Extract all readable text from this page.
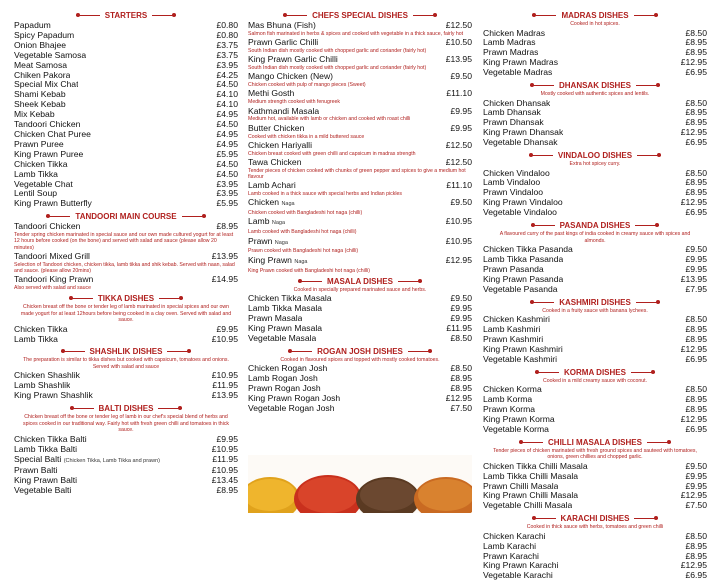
STARTERS
Papadum	£0.80
Spicy Papadum	£0.80
Onion Bhajee	£3.75
Vegetable Samosa	£3.75
Meat Samosa	£3.95
Chiken Pakora	£4.25
Special Mix Chat	£4.50
Shami Kebab	£4.10
Sheek Kebab	£4.10
Mix Kebab	£4.95
Tandoori Chicken	£4.50
Chicken Chat Puree	£4.95
Prawn Puree	£4.95
King Prawn Puree	£5.95
Chicken Tikka	£4.50
Lamb Tikka	£4.50
Vegetable Chat	£3.95
Lentil Soup	£3.95
King Prawn Butterfly	£5.95
TANDOORI MAIN COURSE
Tandoori Chicken	£8.95
Tender spring chicken marinated in special sauce and our own made cultured yogurt for at least 12 hours before cooked (on the bone) and served with salad and sauce (please allow 20 minutes)
Tandoori Mixed Grill	£13.95
Selection of Tandoori chicken, chicken tikka, lamb tikka and shik kebab. Served with naan, salad and sauce. (please allow 20mins)
Tandoori King Prawn	£14.95
Also served with salad and sauce
TIKKA DISHES
Chicken breast off the bone or tender leg of lamb marinated in special spices and our own made yogurt for at least 12hours before being cooked in a clay oven. Served with salad and sauce.
Chicken Tikka	£9.95
Lamb Tikka	£10.95
SHASHLIK DISHES
The preparation is similar to tikka dishes but cooked with capsicum, tomatoes and onions. Served with salad and sauce
Chicken Shashlik	£10.95
Lamb Shashlik	£11.95
King Prawn Shashlik	£13.95
BALTI DISHES
Chicken breast off the bone or tender leg of lamb in our chef's special blend of herbs and spices cooked in our traditional way. Fairly hot with fresh green chilli and tomatoes in thick sauce.
Chicken Tikka Balti	£9.95
Lamb Tikka Balti	£10.95
Special Balti (Chicken Tikka, Lamb Tikka and prawn)	£11.95
Prawn Balti	£10.95
King Prawn Balti	£13.45
Vegetable Balti	£8.95
CHEFS SPECIAL DISHES
Mas Bhuna (Fish)	£12.50
Salmon fish marinated in herbs & spices and cooked with vegetable in a thick sauce, fairly hot
Prawn Garlic Chilli	£10.50
South Indian dish mostly cooked with chopped garlic and coriander (fairly hot)
King Prawn Garlic Chilli	£13.95
South Indian dish mostly cooked with chopped garlic and coriander (fairly hot)
Mango Chicken (New)	£9.50
Chicken cooked with pulp of mango pieces (Sweet)
Methi Gosth	£11.10
Medium strength cooked with fenugreek
Kathmandi Masala	£9.95
Medium hot, available with lamb or chicken and cooked with roast chilli
Butter Chicken	£9.95
Cooked with chicken tikka in a mild buttered sauce
Chicken Hariyalli	£12.50
Chicken breast cooked with green chilli and capsicum in madras strength
Tawa Chicken	£12.50
Tender pieces of chicken cooked with chunks of green pepper and spices to give a medium hot flavour
Lamb Achari	£11.10
Lamb cooked in a thick sauce with special herbs and Indian pickles
Chicken Naga	£9.50
Chicken cooked with Bangladeshi hot naga (chilli)
Lamb Naga	£10.95
Lamb cooked with Bangladeshi hot naga (chilli)
Prawn Naga	£10.95
Prawn cooked with Bangladeshi hot naga (chilli)
King Prawn Naga	£12.95
King Prawn cooked with Bangladeshi hot naga (chilli)
MASALA DISHES
Cooked in specially prepared marinated sauce and herbs.
Chicken Tikka Masala	£9.50
Lamb Tikka Masala	£9.95
Prawn Masala	£9.95
King Prawn Masala	£11.95
Vegetable Masala	£8.50
ROGAN JOSH DISHES
Cooked in flavoured spices and topped with mostly cooked tomatoes.
Chicken Rogan Josh	£8.50
Lamb Rogan Josh	£8.95
Prawn Rogan Josh	£8.95
King Prawn Rogan Josh	£12.95
Vegetable Rogan Josh	£7.50
MADRAS DISHES
Cooked in hot spices.
Chicken Madras	£8.50
Lamb Madras	£8.95
Prawn Madras	£8.95
King Prawn Madras	£12.95
Vegetable Madras	£6.95
DHANSAK DISHES
Mostly cooked with authentic spices and lentils.
Chicken Dhansak	£8.50
Lamb Dhansak	£8.95
Prawn Dhansak	£8.95
King Prawn Dhansak	£12.95
Vegetable Dhansak	£6.95
VINDALOO DISHES
Extra hot spicey curry.
Chicken Vindaloo	£8.50
Lamb Vindaloo	£8.95
Prawn Vindaloo	£8.95
King Prawn Vindaloo	£12.95
Vegetable Vindaloo	£6.95
PASANDA DISHES
A flavoured curry of the past kings of india cooked in creamy sauce with spices and almonds.
Chicken Tikka Pasanda	£9.50
Lamb Tikka Pasanda	£9.95
Prawn Pasanda	£9.95
King Prawn Pasanda	£13.95
Vegetable Pasanda	£7.95
KASHMIRI DISHES
Cooked in a fruity sauce with banana lychees.
Chicken Kashmiri	£8.50
Lamb Kashmiri	£8.95
Prawn Kashmiri	£8.95
King Prawn Kashmiri	£12.95
Vegetable Kashmiri	£6.95
KORMA DISHES
Cooked in a mild creamy sauce with coconut.
Chicken Korma	£8.50
Lamb Korma	£8.95
Prawn Korma	£8.95
King Prawn Korma	£12.95
Vegetable Korma	£6.95
CHILLI MASALA DISHES
Tender pieces of chicken marinated with fresh ground spices and sauteed with tomatoes, onions, green chillies and chopped garlic.
Chicken Tikka Chilli Masala	£9.50
Lamb Tikka Chilli Masala	£9.95
Prawn Chilli Masala	£9.95
King Prawn Chilli Masala	£12.95
Vegetable Chilli Masala	£7.50
KARACHI DISHES
Cooked in thick sauce with herbs, tomatoes and green chilli
Chicken Karachi	£8.50
Lamb Karachi	£8.95
Prawn Karachi	£8.95
King Prawn Karachi	£12.95
Vegetable Karachi	£6.95
